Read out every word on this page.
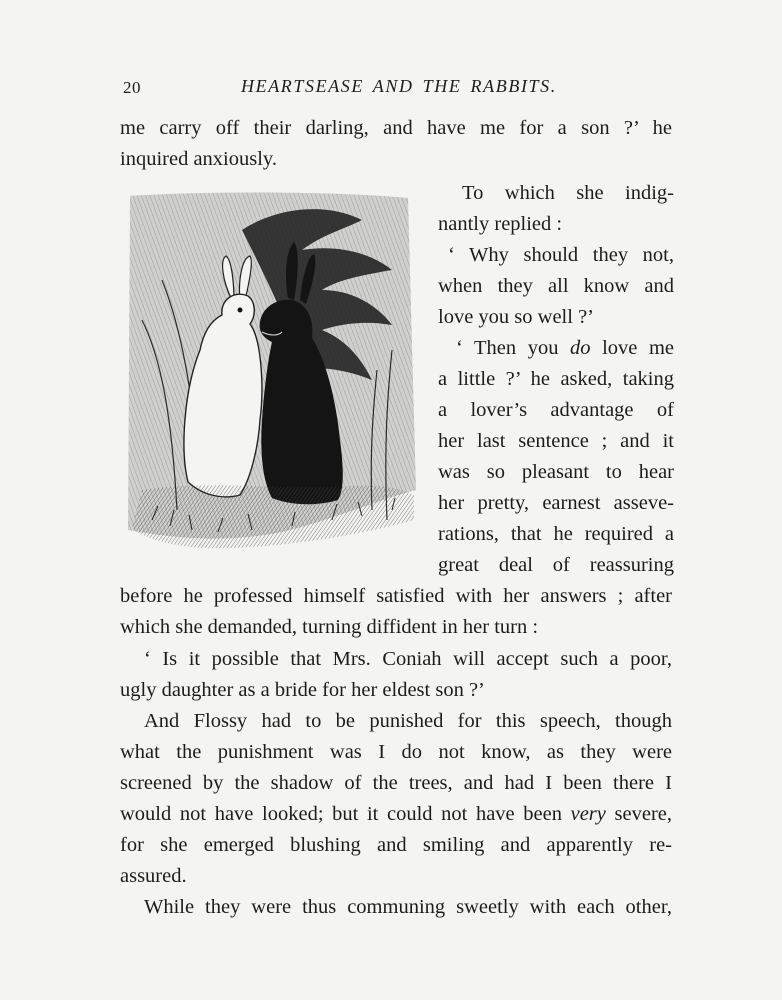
20	HEARTSEASE AND THE RABBITS.
me carry off their darling, and have me for a son ?’ he
inquired anxiously.
To which she indig-
nantly replied :
‘ Why should they not,
when they all know and
love you so well ?’
‘ Then you do love me
a little ?’ he asked, taking
a lover’s advantage of
her last sentence ; and it
was so pleasant to hear
her pretty, earnest asseve-
rations, that he required a
great deal of reassuring
before he professed himself satisfied with her answers ; after
which she demanded, turning diffident in her turn :
‘ Is it possible that Mrs. Coniah will accept such a poor,
ugly daughter as a bride for her eldest son ?’
And Flossy had to be punished for this speech, though
what the punishment was I do not know, as they were
screened by the shadow of the trees, and had I been there I
would not have looked; but it could not have been very severe,
for she emerged blushing and smiling and apparently re-
assured.
While they were thus communing sweetly with each other,
